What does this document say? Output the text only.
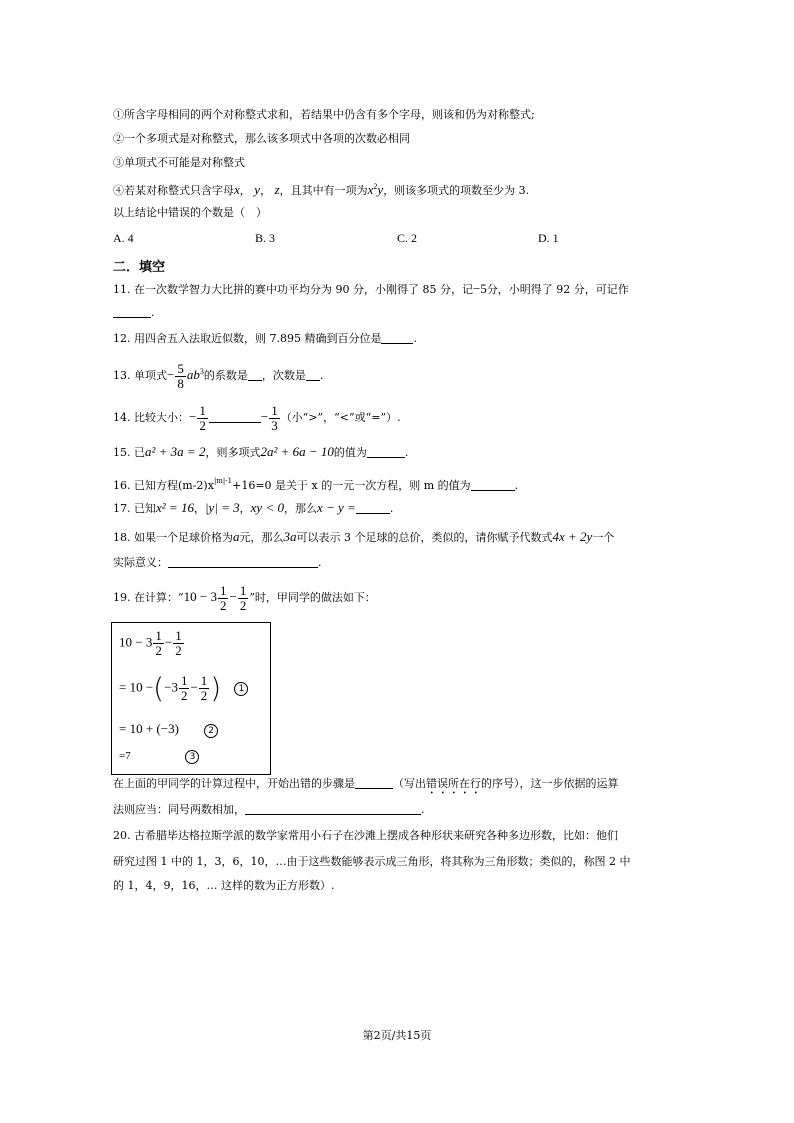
①所含字母相同的两个对称整式求和，若结果中仍含有多个字母，则该和仍为对称整式;
②一个多项式是对称整式，那么该多项式中各项的次数必相同
③单项式不可能是对称整式
④若某对称整式只含字母x， y， z，且其中有一项为$x^2y$，则该多项式的项数至少为 3.
以上结论中错误的个数是（　）
A. 4	B. 3	C. 2	D. 1
二．填空
11. 在一次数学智力大比拼的赛中功平均分为 90 分，小刚得了 85 分，记−5分，小明得了 92 分，可记作
.
12. 用四舍五入法取近似数，则 7.895 精确到百分位是	.
13. 单项式− $\frac{5}{8} ab^3$的系数是 ，次数是 .
14. 比较大小：− $\frac{1}{2}$	− $\frac{1}{3}$ （小“>”，“<”或“=”）.
15. 已a² + 3a = 2，则多项式2a² + 6a − 10的值为	.
16. 已知方程$(m-2)x^{|m|-1}+16=0$ 是关于 x 的一元一次方程，则 m 的值为	.
17. 已知x² = 16，|y| = 3，xy < 0，那么x − y =	.
18. 如果一个足球价格为a元，那么3a可以表示 3 个足球的总价，类似的，请你赋予代数式4x + 2y一个
实际意义：	.
19. 在计算：“$10 - 3 \frac{1}{2} - \frac{1}{2}$ ”时，甲同学的做法如下：
$10 - 3 \frac{1}{2} - \frac{1}{2}$
= $10 -(-3 \frac{1}{2} - \frac{1}{2}$ ) 1
= 10 + (−3)	2
=7	3
在上面的甲同学的计算过程中，开始出错的步骤是	（写出错误所在行的序号），这一步依据的运算
法则应当：同号两数相加，	.
20. 古希腊毕达格拉斯学派的数学家常用小石子在沙滩上摆成各种形状来研究各种多边形数，比如：他们
研究过图 1 中的 1，3，6，10，…由于这些数能够表示成三角形，将其称为三角形数；类似的，称图 2 中
的 1，4，9，16，… 这样的数为正方形数）.
第2页/共15页
